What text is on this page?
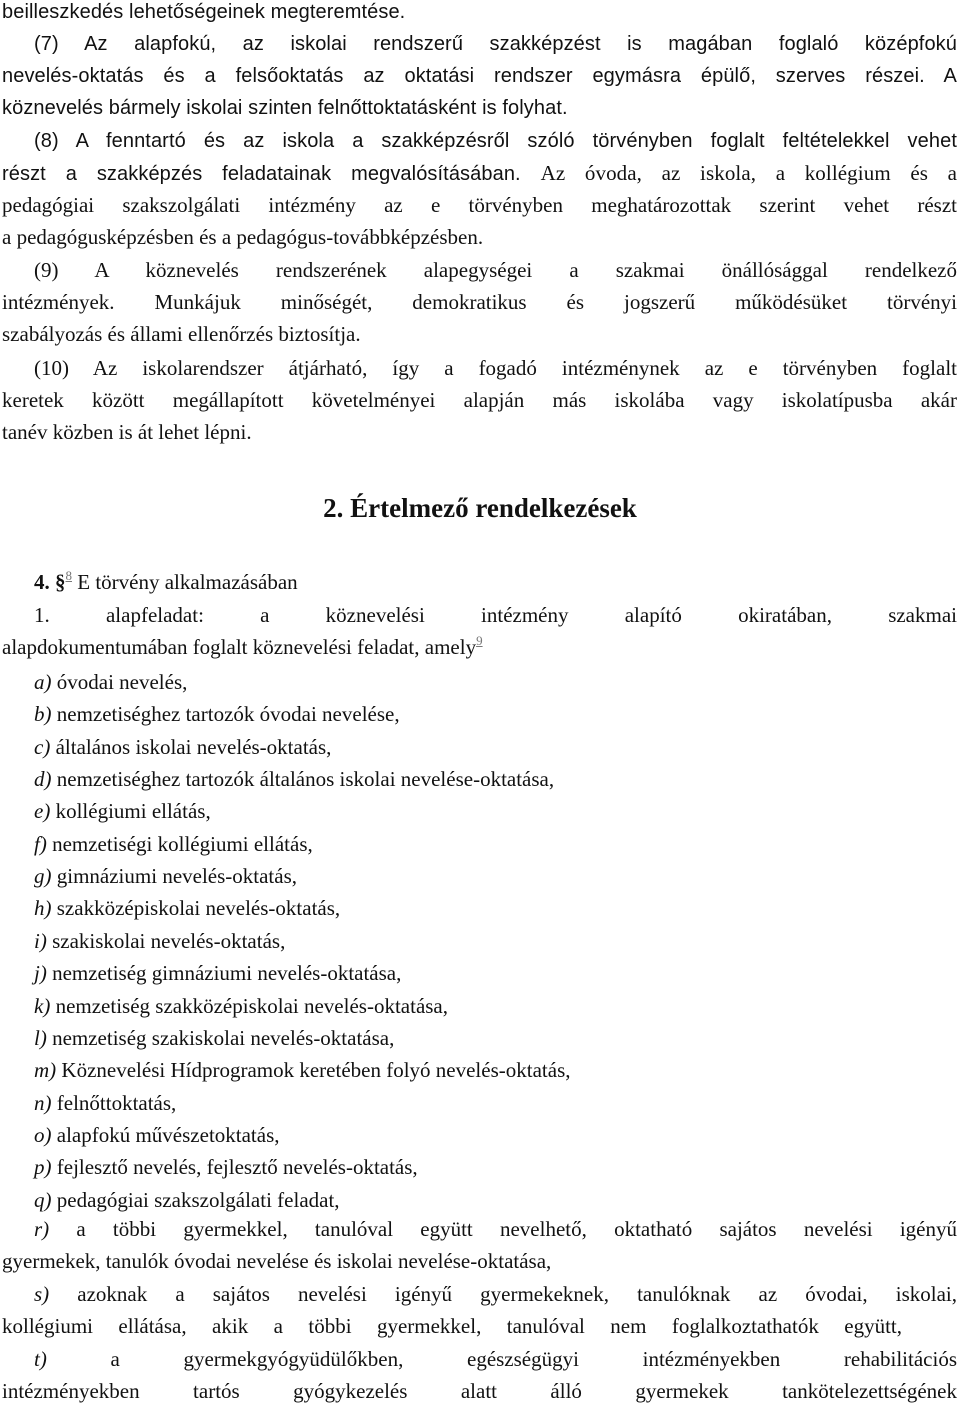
beilleszkedés lehetőségeinek megteremtése.
(7) Az alapfokú, az iskolai rendszerű szakképzést is magában foglaló középfokú
nevelés-oktatás és a felsőoktatás az oktatási rendszer egymásra épülő, szerves részei. A
köznevelés bármely iskolai szinten felnőttoktatásként is folyhat.
(8) A fenntartó és az iskola a szakképzésről szóló törvényben foglalt feltételekkel vehet
részt a szakképzés feladatainak megvalósításában. Az óvoda, az iskola, a kollégium és a
pedagógiai szakszolgálati intézmény az e törvényben meghatározottak szerint vehet részt
a pedagógusképzésben és a pedagógus-továbbképzésben.
(9) A köznevelés rendszerének alapegységei a szakmai önállósággal rendelkező
intézmények. Munkájuk minőségét, demokratikus és jogszerű működésüket törvényi
szabályozás és állami ellenőrzés biztosítja.
(10) Az iskolarendszer átjárható, így a fogadó intézménynek az e törvényben foglalt
keretek között megállapított követelményei alapján más iskolába vagy iskolatípusba akár
tanév közben is át lehet lépni.
2. Értelmező rendelkezések
4. §$^8$ E törvény alkalmazásában
1. alapfeladat: a köznevelési intézmény alapító okiratában, szakmai
alapdokumentumában foglalt köznevelési feladat, amely$^9$
a) óvodai nevelés,
b) nemzetiséghez tartozók óvodai nevelése,
c) általános iskolai nevelés-oktatás,
d) nemzetiséghez tartozók általános iskolai nevelése-oktatása,
e) kollégiumi ellátás,
f) nemzetiségi kollégiumi ellátás,
g) gimnáziumi nevelés-oktatás,
h) szakközépiskolai nevelés-oktatás,
i) szakiskolai nevelés-oktatás,
j) nemzetiség gimnáziumi nevelés-oktatása,
k) nemzetiség szakközépiskolai nevelés-oktatása,
l) nemzetiség szakiskolai nevelés-oktatása,
m) Köznevelési Hídprogramok keretében folyó nevelés-oktatás,
n) felnőttoktatás,
o) alapfokú művészetoktatás,
p) fejlesztő nevelés, fejlesztő nevelés-oktatás,
q) pedagógiai szakszolgálati feladat,
r) a többi gyermekkel, tanulóval együtt nevelhető, oktatható sajátos nevelési igényű
gyermekek, tanulók óvodai nevelése és iskolai nevelése-oktatása,
s) azoknak a sajátos nevelési igényű gyermekeknek, tanulóknak az óvodai, iskolai,
kollégiumi ellátása, akik a többi gyermekkel, tanulóval nem foglalkoztathatók együtt,
t) a gyermekgyógyüdülőkben, egészségügyi intézményekben rehabilitációs
intézményekben tartós gyógykezelés alatt álló gyermekek tankötelezettségének
